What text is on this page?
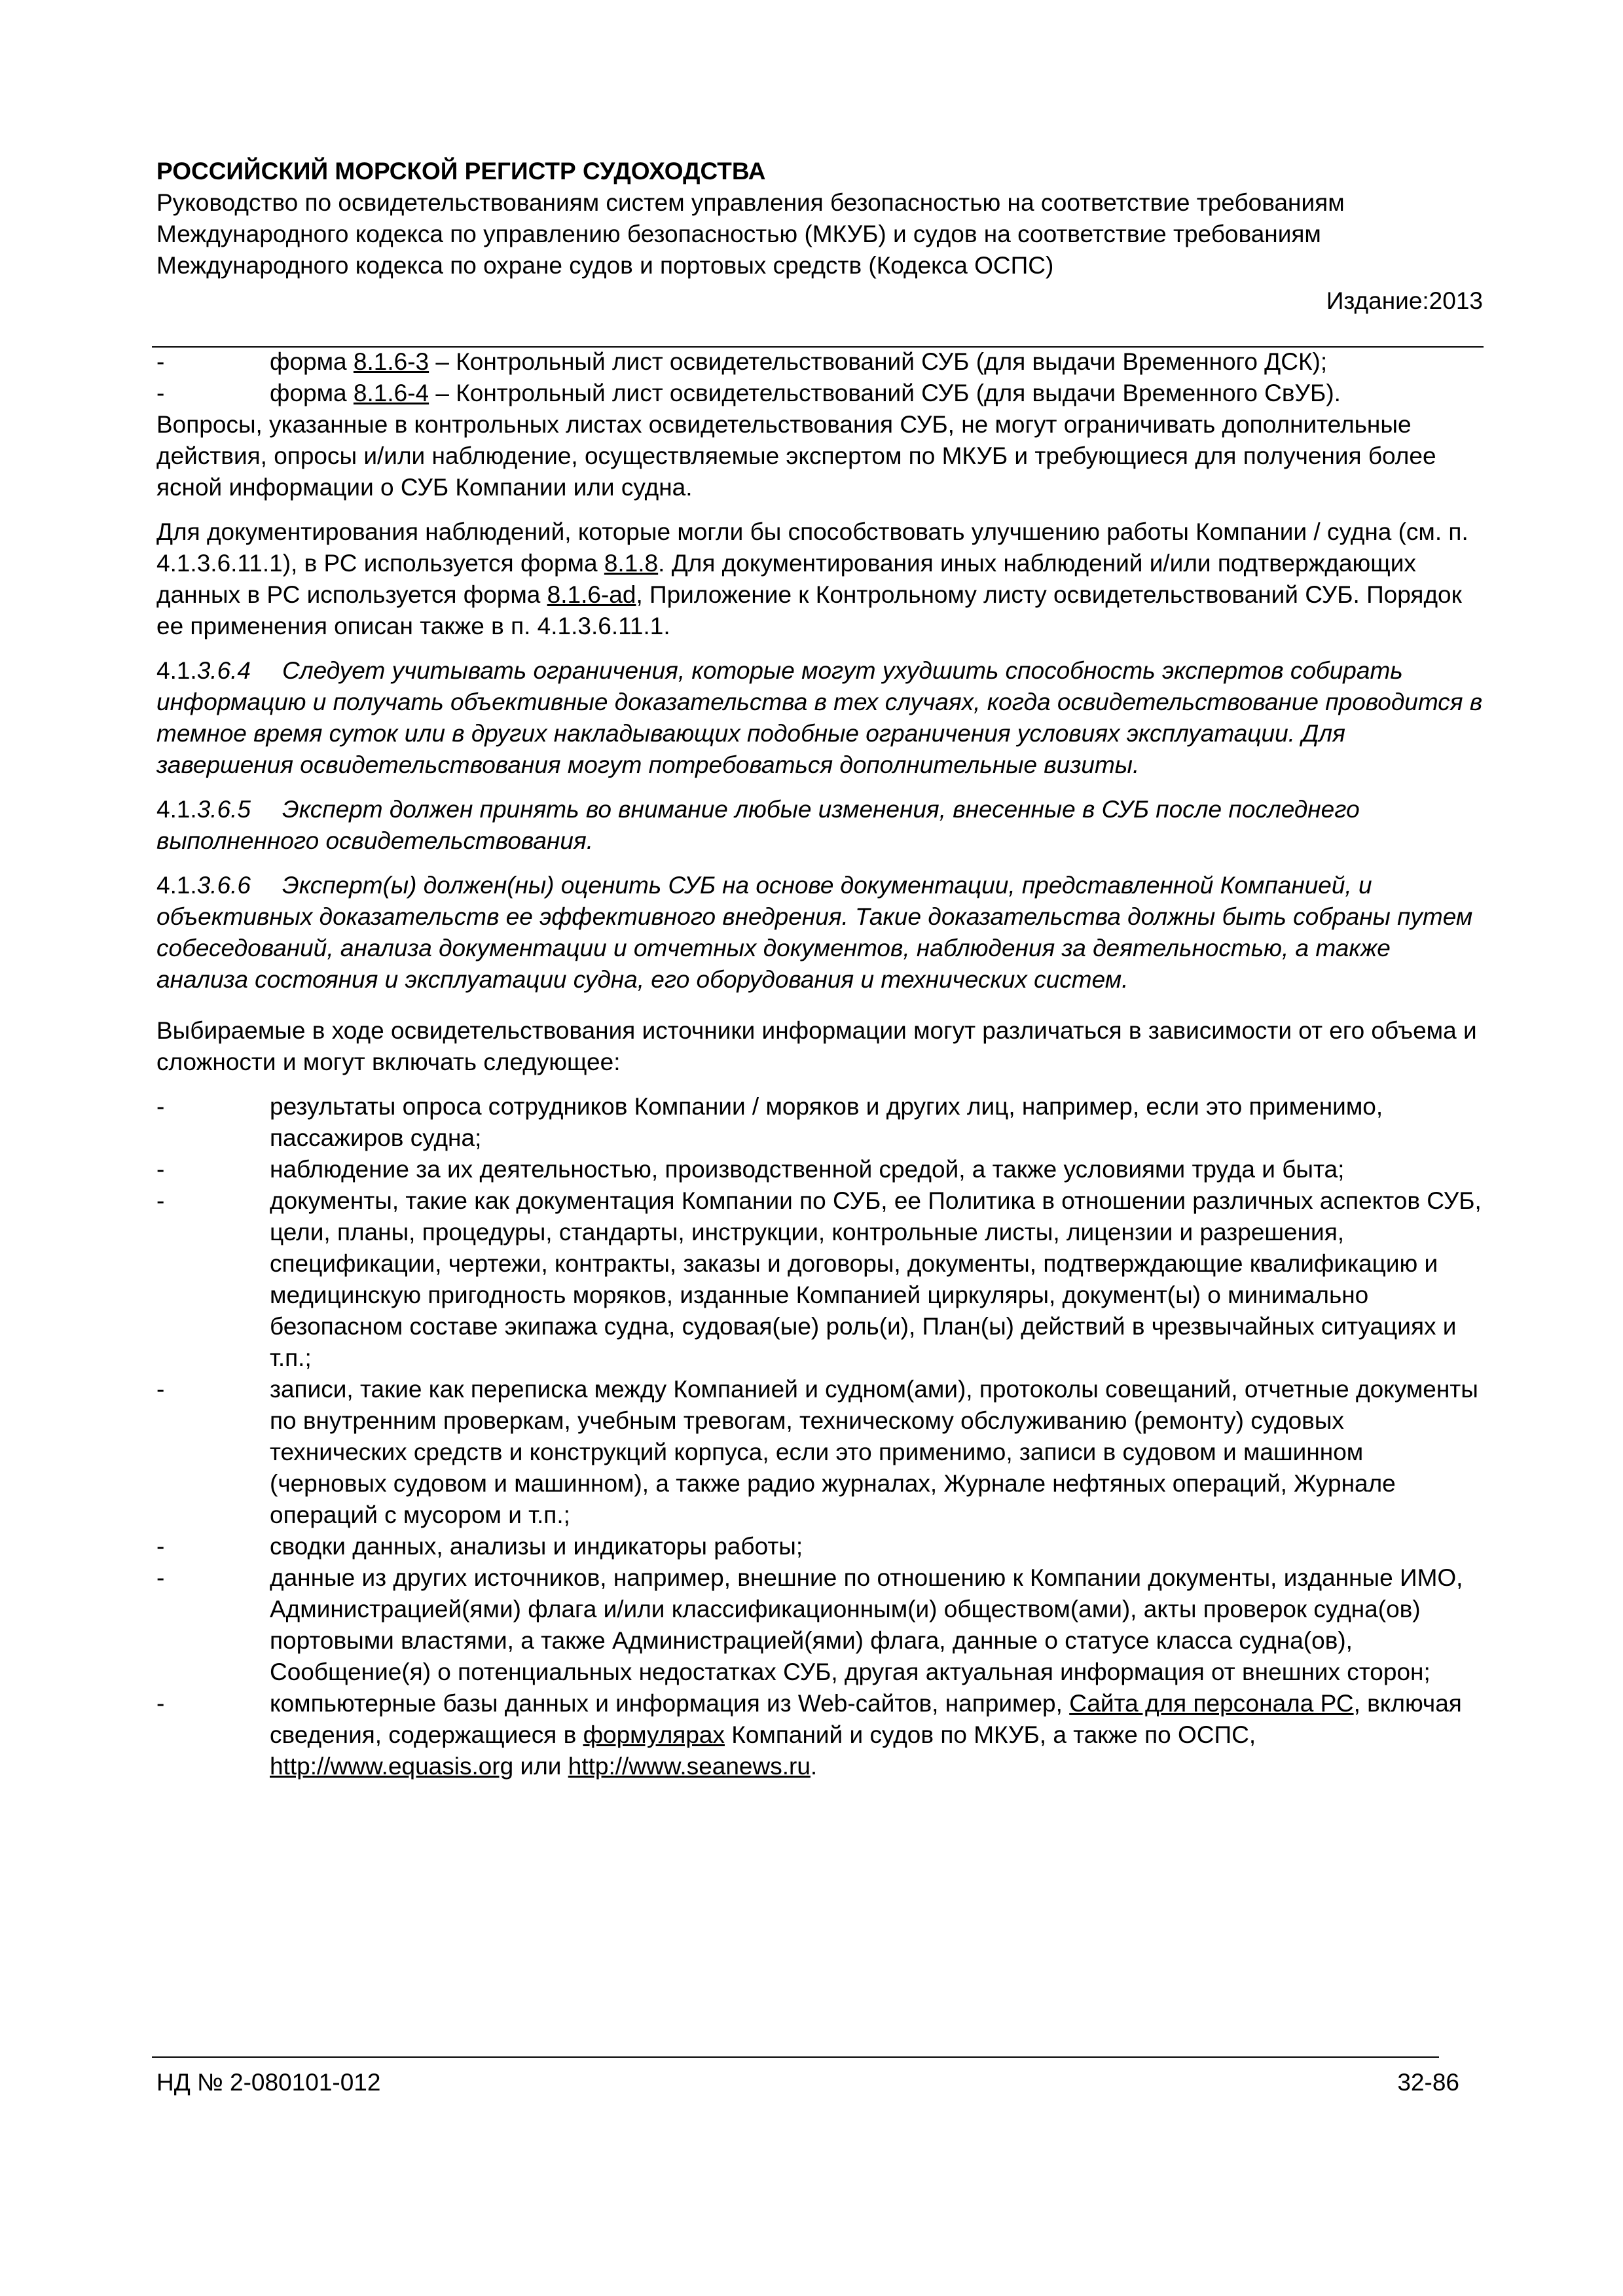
РОССИЙСКИЙ МОРСКОЙ РЕГИСТР СУДОХОДСТВА
Руководство по освидетельствованиям систем управления безопасностью на соответствие требованиям Международного кодекса по управлению безопасностью (МКУБ) и судов на соответствие требованиям Международного кодекса по охране судов и портовых средств (Кодекса ОСПС)
Издание:2013
-	форма 8.1.6-3 – Контрольный лист освидетельствований СУБ (для выдачи Временного ДСК);
-	форма 8.1.6-4 – Контрольный лист освидетельствований СУБ (для выдачи Временного СвУБ).

Вопросы, указанные в контрольных листах освидетельствования СУБ, не могут ограничивать дополнительные действия, опросы и/или наблюдение, осуществляемые экспертом по МКУБ и требующиеся для получения более ясной информации о СУБ Компании или судна.

Для документирования наблюдений, которые могли бы способствовать улучшению работы Компании / судна (см. п. 4.1.3.6.11.1), в РС используется форма 8.1.8. Для документирования иных наблюдений и/или подтверждающих данных в РС используется форма 8.1.6-ad, Приложение к Контрольному листу освидетельствований СУБ. Порядок ее применения описан также в п. 4.1.3.6.11.1.

4.1.3.6.4 Следует учитывать ограничения, которые могут ухудшить способность экспертов собирать информацию и получать объективные доказательства в тех случаях, когда освидетельствование проводится в темное время суток или в других накладывающих подобные ограничения условиях эксплуатации. Для завершения освидетельствования могут потребоваться дополнительные визиты.

4.1.3.6.5 Эксперт должен принять во внимание любые изменения, внесенные в СУБ после последнего выполненного освидетельствования.

4.1.3.6.6 Эксперт(ы) должен(ны) оценить СУБ на основе документации, представленной Компанией, и объективных доказательств ее эффективного внедрения. Такие доказательства должны быть собраны путем собеседований, анализа документации и отчетных документов, наблюдения за деятельностью, а также анализа состояния и эксплуатации судна, его оборудования и технических систем.

Выбираемые в ходе освидетельствования источники информации могут различаться в зависимости от его объема и сложности и могут включать следующее:

-	результаты опроса сотрудников Компании / моряков и других лиц, например, если это применимо, пассажиров судна;
-	наблюдение за их деятельностью, производственной средой, а также условиями труда и быта;
-	документы, такие как документация Компании по СУБ, ее Политика в отношении различных аспектов СУБ, цели, планы, процедуры, стандарты, инструкции, контрольные листы, лицензии и разрешения, спецификации, чертежи, контракты, заказы и договоры, документы, подтверждающие квалификацию и медицинскую пригодность моряков, изданные Компанией циркуляры, документ(ы) о минимально безопасном составе экипажа судна, судовая(ые) роль(и), План(ы) действий в чрезвычайных ситуациях и т.п.;
-	записи, такие как переписка между Компанией и судном(ами), протоколы совещаний, отчетные документы по внутренним проверкам, учебным тревогам, техническому обслуживанию (ремонту) судовых технических средств и конструкций корпуса, если это применимо, записи в судовом и машинном (черновых судовом и машинном), а также радио журналах, Журнале нефтяных операций, Журнале операций с мусором и т.п.;
-	сводки данных, анализы и индикаторы работы;
-	данные из других источников, например, внешние по отношению к Компании документы, изданные ИМО, Администрацией(ями) флага и/или классификационным(и) обществом(ами), акты проверок судна(ов) портовыми властями, а также Администрацией(ями) флага, данные о статусе класса судна(ов), Сообщение(я) о потенциальных недостатках СУБ, другая актуальная информация от внешних сторон;
-	компьютерные базы данных и информация из Web-сайтов, например, Сайта для персонала РС, включая сведения, содержащиеся в формулярах Компаний и судов по МКУБ, а также по ОСПС, http://www.equasis.org или http://www.seanews.ru.
НД № 2-080101-012	32-86
